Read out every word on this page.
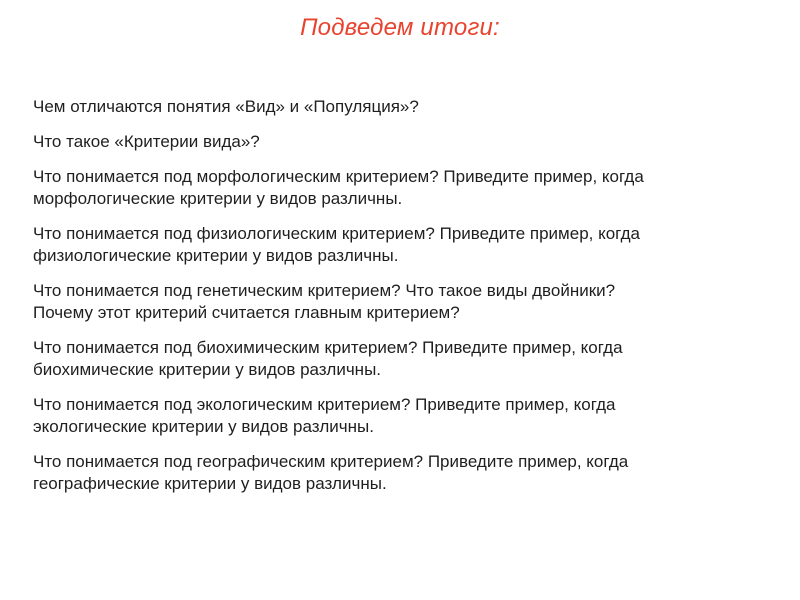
Подведем итоги:
Чем отличаются понятия «Вид» и «Популяция»?
Что такое «Критерии вида»?
Что понимается под морфологическим критерием? Приведите пример, когда
морфологические критерии у видов различны.
Что понимается под физиологическим критерием? Приведите пример, когда
физиологические критерии у видов различны.
Что понимается под генетическим критерием? Что такое виды двойники?
Почему этот критерий считается главным критерием?
Что понимается под биохимическим критерием? Приведите пример, когда
биохимические критерии у видов различны.
Что понимается под экологическим критерием? Приведите пример, когда
экологические критерии у видов различны.
Что понимается под географическим критерием? Приведите пример, когда
географические критерии у видов различны.
